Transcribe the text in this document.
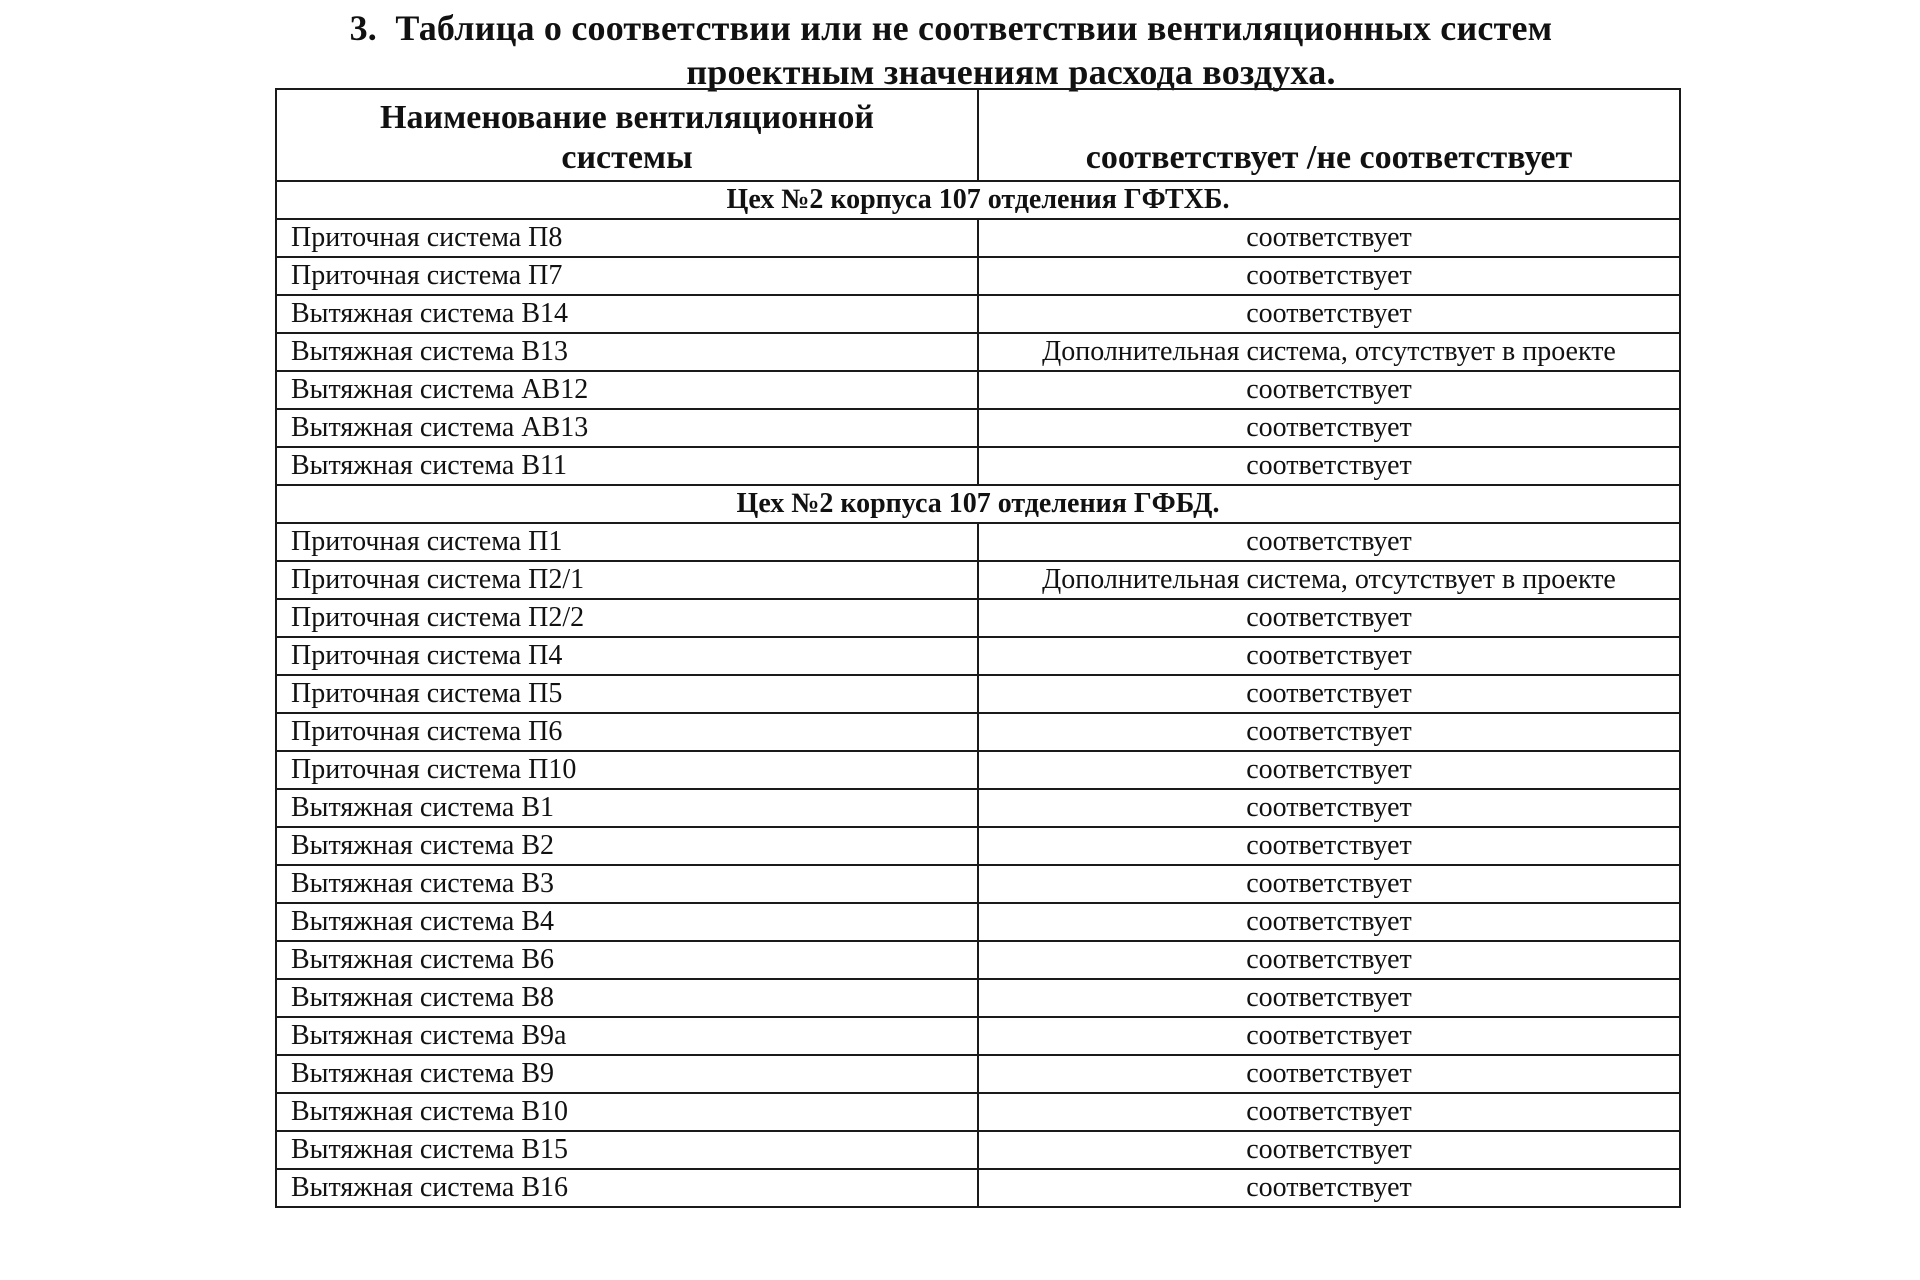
3. Таблица о соответствии или не соответствии вентиляционных систем
проектным значениям расхода воздуха.
Наименование вентиляционной системы	соответствует /не соответствует
Цех №2 корпуса 107 отделения ГФТХБ.	
Приточная система П8	соответствует
Приточная система П7	соответствует
Вытяжная система В14	соответствует
Вытяжная система В13	Дополнительная система, отсутствует в проекте
Вытяжная система АВ12	соответствует
Вытяжная система АВ13	соответствует
Вытяжная система В11	соответствует
Цех №2 корпуса 107 отделения ГФБД.	
Приточная система П1	соответствует
Приточная система П2/1	Дополнительная система, отсутствует в проекте
Приточная система П2/2	соответствует
Приточная система П4	соответствует
Приточная система П5	соответствует
Приточная система П6	соответствует
Приточная система П10	соответствует
Вытяжная система В1	соответствует
Вытяжная система В2	соответствует
Вытяжная система В3	соответствует
Вытяжная система В4	соответствует
Вытяжная система В6	соответствует
Вытяжная система В8	соответствует
Вытяжная система В9а	соответствует
Вытяжная система В9	соответствует
Вытяжная система В10	соответствует
Вытяжная система В15	соответствует
Вытяжная система В16	соответствует
